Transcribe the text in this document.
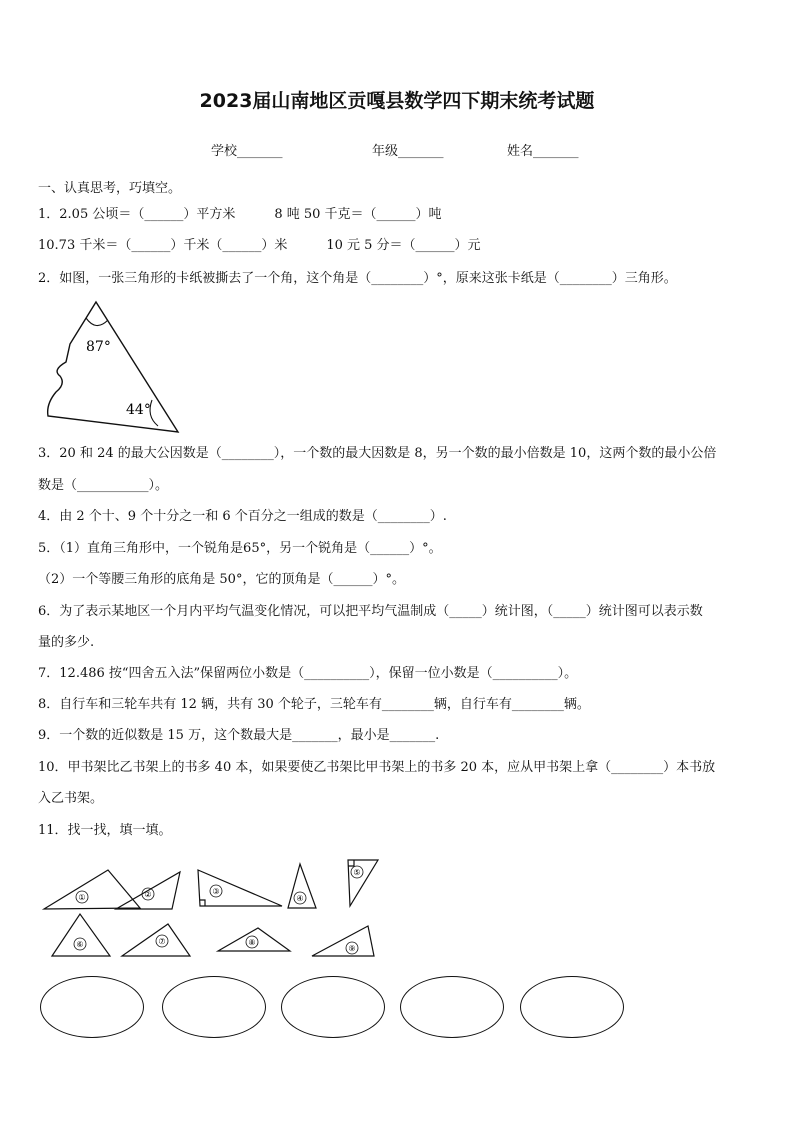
2023届山南地区贡嘎县数学四下期末统考试题
学校_______	年级_______	姓名_______
一、认真思考，巧填空。
1．2.05 公顷＝（______）平方米　　　8 吨 50 千克＝（______）吨
10.73 千米＝（______）千米（______）米　　　10 元 5 分＝（______）元
2．如图，一张三角形的卡纸被撕去了一个角，这个角是（________）°，原来这张卡纸是（________）三角形。
87°
44°
3．20 和 24 的最大公因数是（________），一个数的最大因数是 8，另一个数的最小倍数是 10，这两个数的最小公倍
数是（___________）。
4．由 2 个十、9 个十分之一和 6 个百分之一组成的数是（________）.
5．（1）直角三角形中，一个锐角是65°，另一个锐角是（______）°。
（2）一个等腰三角形的底角是 50°，它的顶角是（______）°。
6．为了表示某地区一个月内平均气温变化情况，可以把平均气温制成（_____）统计图，（_____）统计图可以表示数
量的多少.
7．12.486 按“四舍五入法”保留两位小数是（__________），保留一位小数是（__________）。
8．自行车和三轮车共有 12 辆，共有 30 个轮子，三轮车有________辆，自行车有________辆。
9．一个数的近似数是 15 万，这个数最大是_______，最小是_______.
10．甲书架比乙书架上的书多 40 本，如果要使乙书架比甲书架上的书多 20 本，应从甲书架上拿（________）本书放
入乙书架。
11．找一找，填一填。
①	②	③
④
⑤
⑥	⑦	⑧
⑨
